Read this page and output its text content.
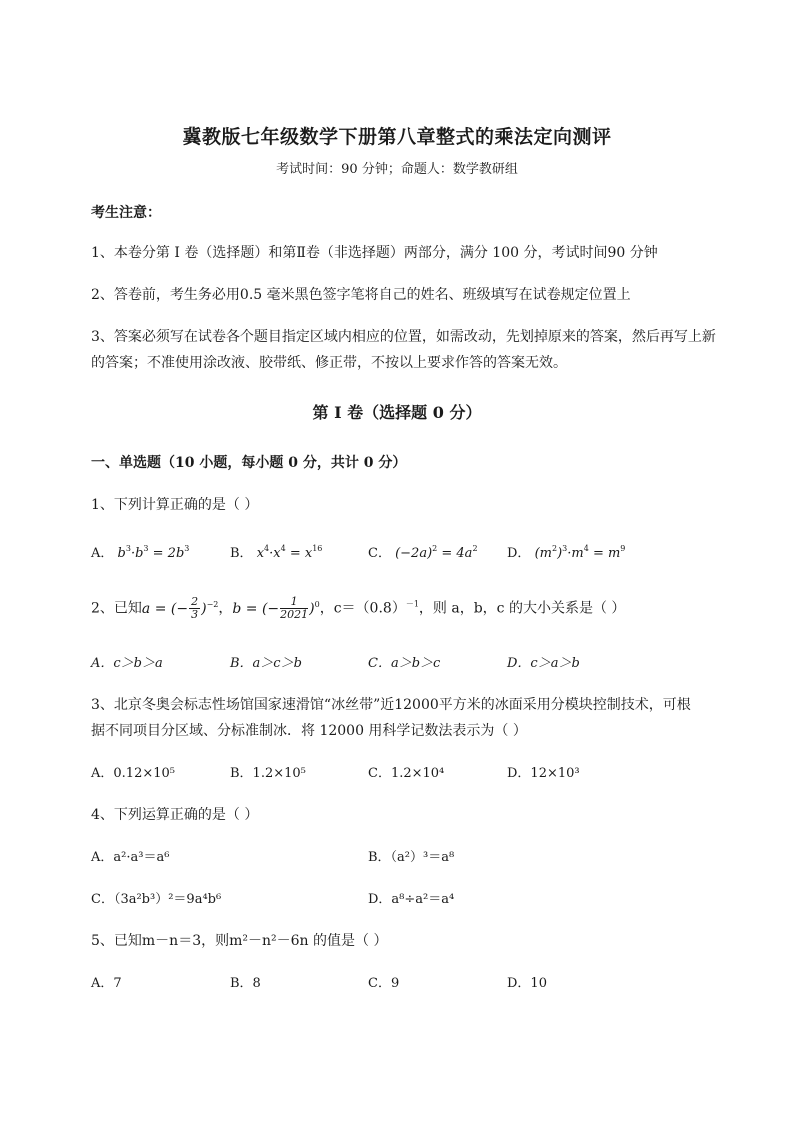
冀教版七年级数学下册第八章整式的乘法定向测评
考试时间：90 分钟；命题人：数学教研组
考生注意：
1、本卷分第 I 卷（选择题）和第Ⅱ卷（非选择题）两部分，满分 100 分，考试时间90 分钟
2、答卷前，考生务必用0.5 毫米黑色签字笔将自己的姓名、班级填写在试卷规定位置上
3、答案必须写在试卷各个题目指定区域内相应的位置，如需改动，先划掉原来的答案，然后再写上新
的答案；不准使用涂改液、胶带纸、修正带，不按以上要求作答的答案无效。
第 I 卷（选择题 0 分）
一、单选题（10 小题，每小题 0 分，共计 0 分）
1、下列计算正确的是（ ）
A． $b^3\cdot b^3 = 2b^3$	B． $x^4\cdot x^4 = x^{16}$	C． $(-2a)^2 = 4a^2$ D． $(m^2)^3\cdot m^4 = m^9$
2、已知a = (− $\frac{2}{3} )^{-2}$，b = (− $\frac{1}{2021} )^0$，$c=(0.8)^{-1}$，则 a，b，c 的大小关系是（ ）
A．c＞b＞a	B．a＞c＞b	C．a＞b＞c	D．c＞a＞b
3、北京冬奥会标志性场馆国家速滑馆“冰丝带”近12000平方米的冰面采用分模块控制技术，可根
据不同项目分区域、分标准制冰．将 12000 用科学记数法表示为（ ）
A．0.12×10⁵	B．1.2×10⁵	C．1.2×10⁴	D．12×10³
4、下列运算正确的是（ ）
A．a²·a³＝a⁶	B．（a²）³＝a⁸
C．（3a²b³）²＝9a⁴b⁶	D．a⁸÷a²＝a⁴
5、已知m－n＝3，则m²－n²－6n 的值是（ ）
A．7	B．8	C．9	D．10
